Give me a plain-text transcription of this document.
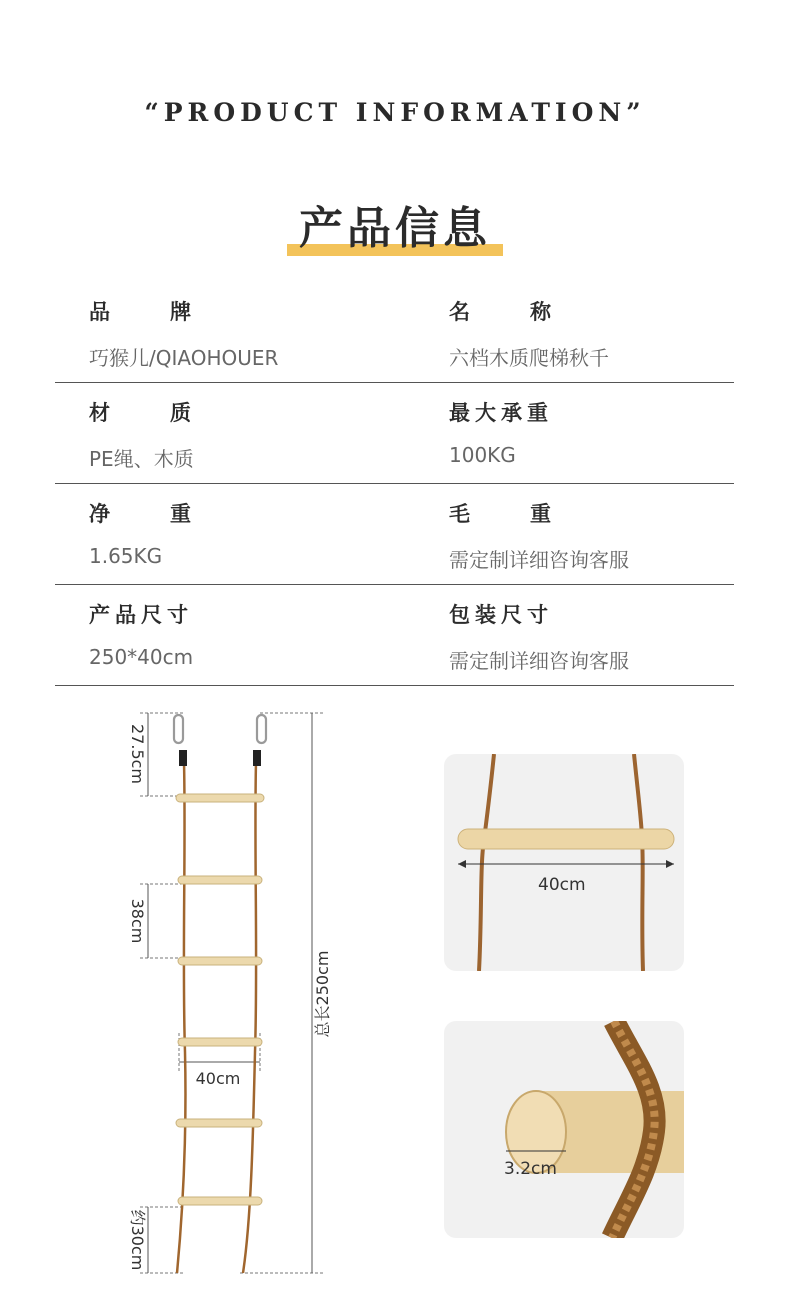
“PRODUCT INFORMATION”
产品信息
品牌
巧猴儿/QIAOHOUER
名称
六档木质爬梯秋千
材质
PE绳、木质
最大承重
100KG
净重
1.65KG
毛重
需定制详细咨询客服
产品尺寸
250*40cm
包装尺寸
需定制详细咨询客服
27.5cm
38cm
约30cm
总长250cm
40cm
40cm
3.2cm
